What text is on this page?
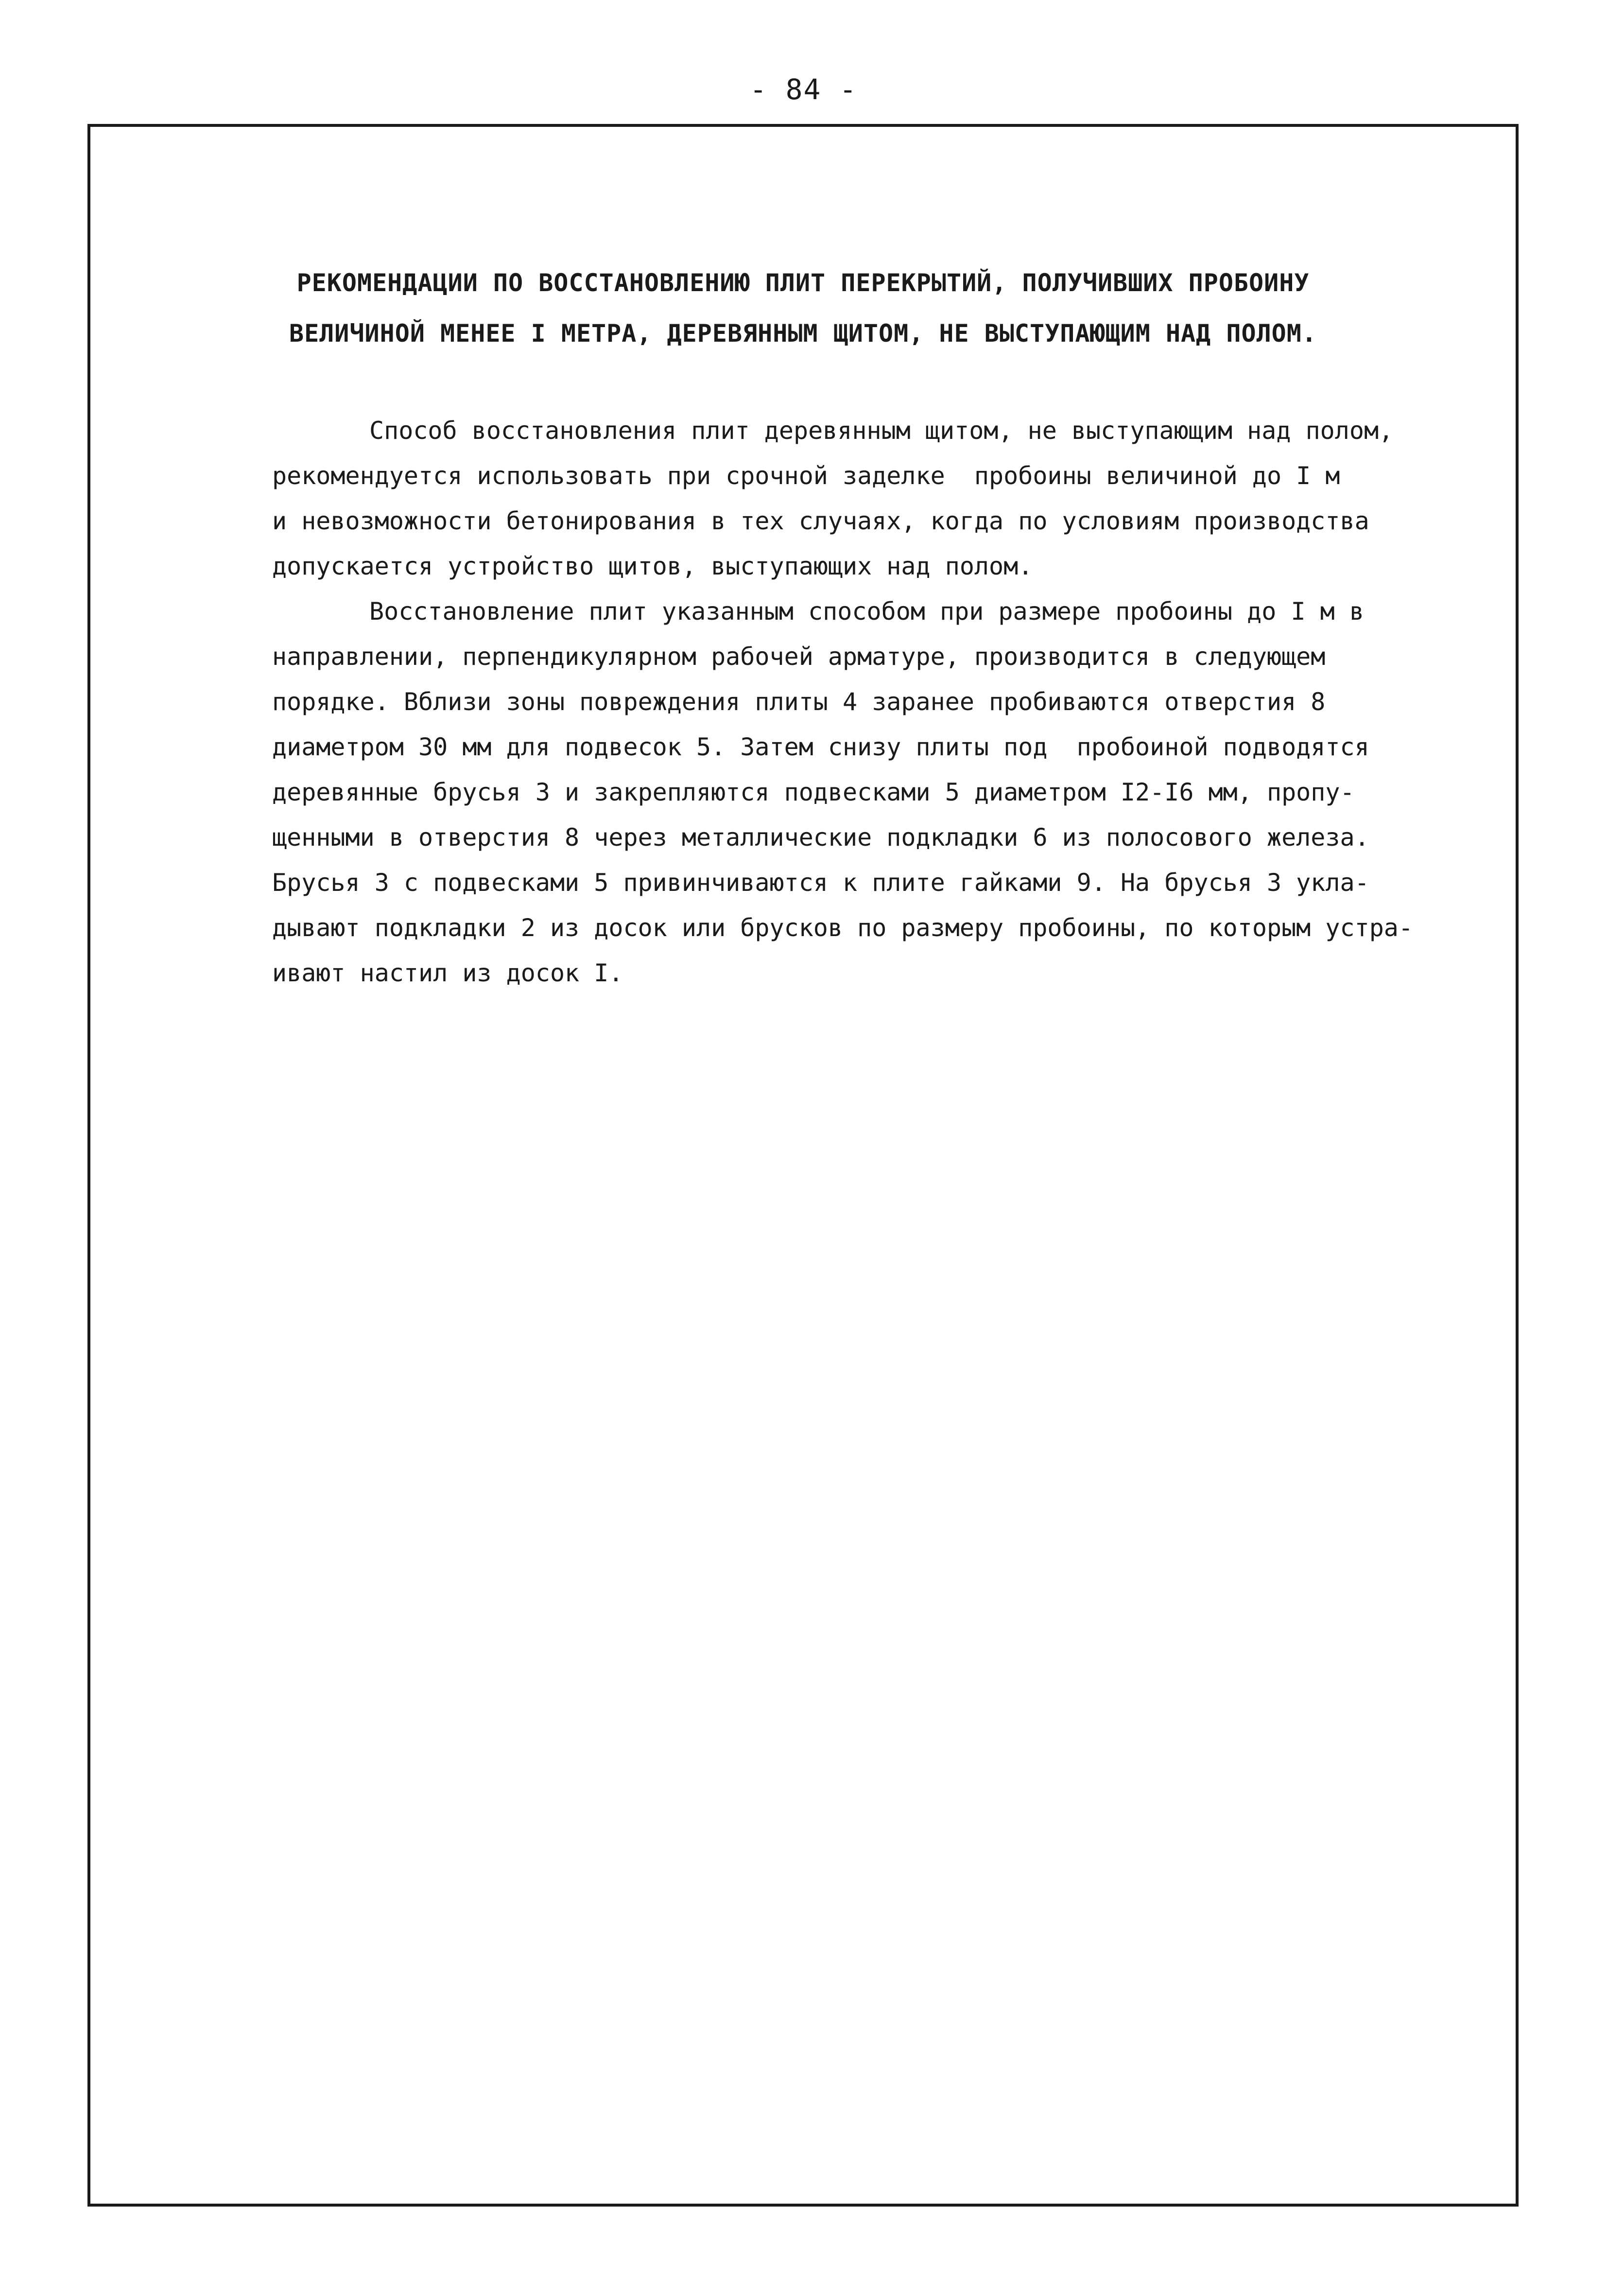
- 84 -
РЕКОМЕНДАЦИИ ПО ВОССТАНОВЛЕНИЮ ПЛИТ ПЕРЕКРЫТИЙ, ПОЛУЧИВШИХ ПРОБОИНУ
ВЕЛИЧИНОЙ МЕНЕЕ I МЕТРА, ДЕРЕВЯННЫМ ЩИТОМ, НЕ ВЫСТУПАЮЩИМ НАД ПОЛОМ.
Способ восстановления плит деревянным щитом, не выступающим над полом,
рекомендуется использовать при срочной заделке  пробоины величиной до I м
и невозможности бетонирования в тех случаях, когда по условиям производства
допускается устройство щитов, выступающих над полом.
Восстановление плит указанным способом при размере пробоины до I м в
направлении, перпендикулярном рабочей арматуре, производится в следующем
порядке. Вблизи зоны повреждения плиты 4 заранее пробиваются отверстия 8
диаметром 30 мм для подвесок 5. Затем снизу плиты под  пробоиной подводятся
деревянные брусья 3 и закрепляются подвесками 5 диаметром I2-I6 мм, пропу-
щенными в отверстия 8 через металлические подкладки 6 из полосового железа.
Брусья 3 с подвесками 5 привинчиваются к плите гайками 9. На брусья 3 укла-
дывают подкладки 2 из досок или брусков по размеру пробоины, по которым устра-
ивают настил из досок I.
